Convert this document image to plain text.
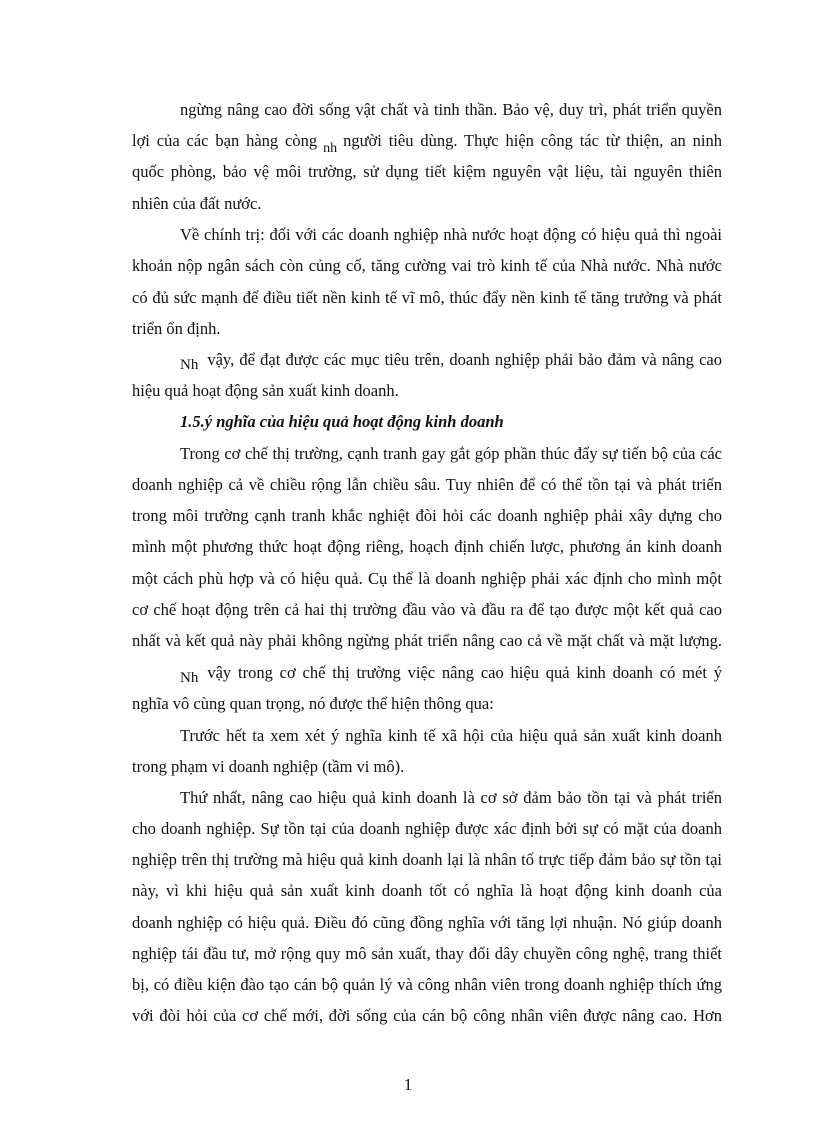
ngừng nâng cao đời sống vật chất và tinh thần. Bảo vệ, duy trì, phát triển quyền
lợi của các bạn hàng còng $_{nh}$ người tiêu dùng. Thực hiện công tác từ thiện, an ninh
quốc phòng, bảo vệ môi trường, sử dụng tiết kiệm nguyên vật liệu, tài nguyên thiên
nhiên của đất nước.
Về chính trị: đối với các doanh nghiệp nhà nước hoạt động có hiệu quả thì ngoài
khoản nộp ngân sách còn củng cố, tăng cường vai trò kinh tế của Nhà nước. Nhà nước
có đủ sức mạnh để điều tiết nền kinh tế vĩ mô, thúc đẩy nền kinh tế tăng trưởng và phát
triển ổn định.
Nh vậy, để đạt được các mục tiêu trên, doanh nghiệp phải bảo đảm và nâng cao
hiệu quả hoạt động sản xuất kinh doanh.
1.5.ý nghĩa của hiệu quả hoạt động kinh doanh
Trong cơ chế thị trường, cạnh tranh gay gắt góp phần thúc đẩy sự tiến bộ của các
doanh nghiệp cả về chiều rộng lẫn chiều sâu. Tuy nhiên để có thể tồn tại và phát triển
trong môi trường cạnh tranh khắc nghiệt đòi hỏi các doanh nghiệp phải xây dựng cho
mình một phương thức hoạt động riêng, hoạch định chiến lược, phương án kinh doanh
một cách phù hợp và có hiệu quả. Cụ thể là doanh nghiệp phải xác định cho mình một
cơ chế hoạt động trên cả hai thị trường đầu vào và đầu ra để tạo được một kết quả cao
nhất và kết quả này phải không ngừng phát triển nâng cao cả về mặt chất và mặt lượng.
Nh vậy trong cơ chế thị trường việc nâng cao hiệu quả kinh doanh có mét ý
nghĩa vô cùng quan trọng, nó được thể hiện thông qua:
Trước hết ta xem xét ý nghĩa kinh tế xã hội của hiệu quả sản xuất kinh doanh
trong phạm vi doanh nghiệp (tầm vi mô).
Thứ nhất, nâng cao hiệu quả kinh doanh là cơ sở đảm bảo tồn tại và phát triển
cho doanh nghiệp. Sự tồn tại của doanh nghiệp được xác định bởi sự có mặt của doanh
nghiệp trên thị trường mà hiệu quả kinh doanh lại là nhân tố trực tiếp đảm bảo sự tồn tại
này, vì khi hiệu quả sản xuất kinh doanh tốt có nghĩa là hoạt động kinh doanh của
doanh nghiệp có hiệu quả. Điều đó cũng đồng nghĩa với tăng lợi nhuận. Nó giúp doanh
nghiệp tái đầu tư, mở rộng quy mô sản xuất, thay đổi dây chuyền công nghệ, trang thiết
bị, có điều kiện đào tạo cán bộ quản lý và công nhân viên trong doanh nghiệp thích ứng
với đòi hỏi của cơ chế mới, đời sống của cán bộ công nhân viên được nâng cao. Hơn
1
